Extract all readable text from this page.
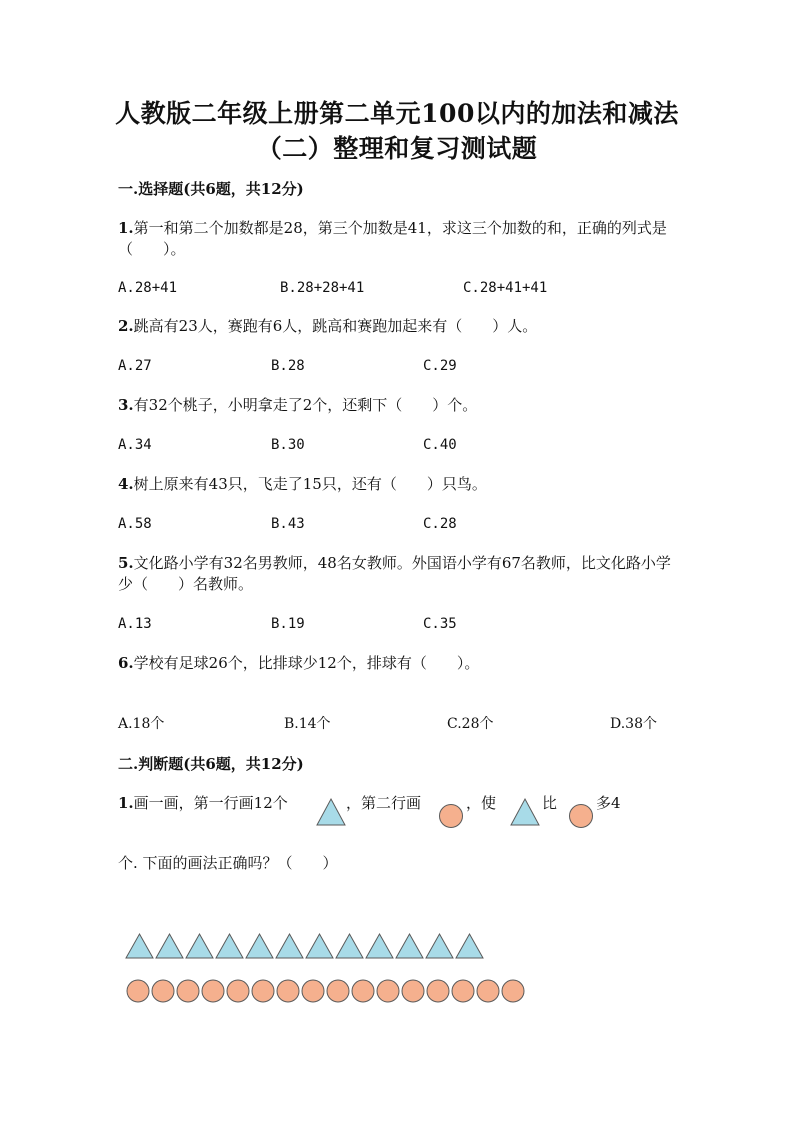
人教版二年级上册第二单元100以内的加法和减法
（二）整理和复习测试题
一.选择题(共6题，共12分)
1.第一和第二个加数都是28，第三个加数是41，求这三个加数的和，正确的列式是（　　）。
A.28+41	B.28+28+41	C.28+41+41
2.跳高有23人，赛跑有6人，跳高和赛跑加起来有（　　）人。
A.27	B.28	C.29
3.有32个桃子，小明拿走了2个，还剩下（　　）个。
A.34	B.30	C.40
4.树上原来有43只，飞走了15只，还有（　　）只鸟。
A.58	B.43	C.28
5.文化路小学有32名男教师，48名女教师。外国语小学有67名教师，比文化路小学少（　　）名教师。
A.13	B.19	C.35
6.学校有足球26个，比排球少12个，排球有（　　）。
A.18个	B.14个	C.28个	D.38个
二.判断题(共6题，共12分)
1.画一画，第一行画12个	，第二行画	，使	比	多4
个. 下面的画法正确吗？（　　）
